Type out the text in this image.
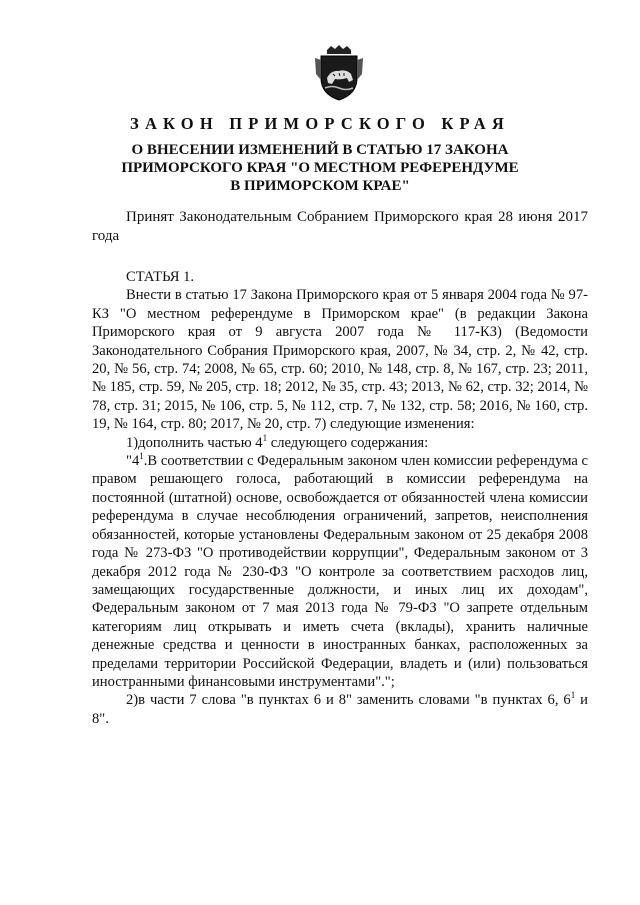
ЗАКОН ПРИМОРСКОГО КРАЯ
О ВНЕСЕНИИ ИЗМЕНЕНИЙ В СТАТЬЮ 17 ЗАКОНА
ПРИМОРСКОГО КРАЯ "О МЕСТНОМ РЕФЕРЕНДУМЕ
В ПРИМОРСКОМ КРАЕ"
Принят Законодательным Собранием Приморского края 28 июня 2017 года

СТАТЬЯ 1.

Внести в статью 17 Закона Приморского края от 5 января 2004 года № 97-КЗ "О местном референдуме в Приморском крае" (в редакции Закона Приморского края от 9 августа 2007 года № 117-КЗ) (Ведомости Законодательного Собрания Приморского края, 2007, № 34, стр. 2, № 42, стр. 20, № 56, стр. 74; 2008, № 65, стр. 60; 2010, № 148, стр. 8, № 167, стр. 23; 2011, № 185, стр. 59, № 205, стр. 18; 2012, № 35, стр. 43; 2013, № 62, стр. 32; 2014, № 78, стр. 31; 2015, № 106, стр. 5, № 112, стр. 7, № 132, стр. 58; 2016, № 160, стр. 19, № 164, стр. 80; 2017, № 20, стр. 7) следующие изменения:

1)дополнить частью $4^1$ следующего содержания:

"$4^1.В$ соответствии с Федеральным законом член комиссии референдума с правом решающего голоса, работающий в комиссии референдума на постоянной (штатной) основе, освобождается от обязанностей члена комиссии референдума в случае несоблюдения ограничений, запретов, неисполнения обязанностей, которые установлены Федеральным законом от 25 декабря 2008 года № 273-ФЗ "О противодействии коррупции", Федеральным законом от 3 декабря 2012 года № 230-ФЗ "О контроле за соответствием расходов лиц, замещающих государственные должности, и иных лиц их доходам", Федеральным законом от 7 мая 2013 года № 79-ФЗ "О запрете отдельным категориям лиц открывать и иметь счета (вклады), хранить наличные денежные средства и ценности в иностранных банках, расположенных за пределами территории Российской Федерации, владеть и (или) пользоваться иностранными финансовыми инструментами".";

2)в части 7 слова "в пунктах 6 и 8" заменить словами "в пунктах 6, $6^1$ и 8".
